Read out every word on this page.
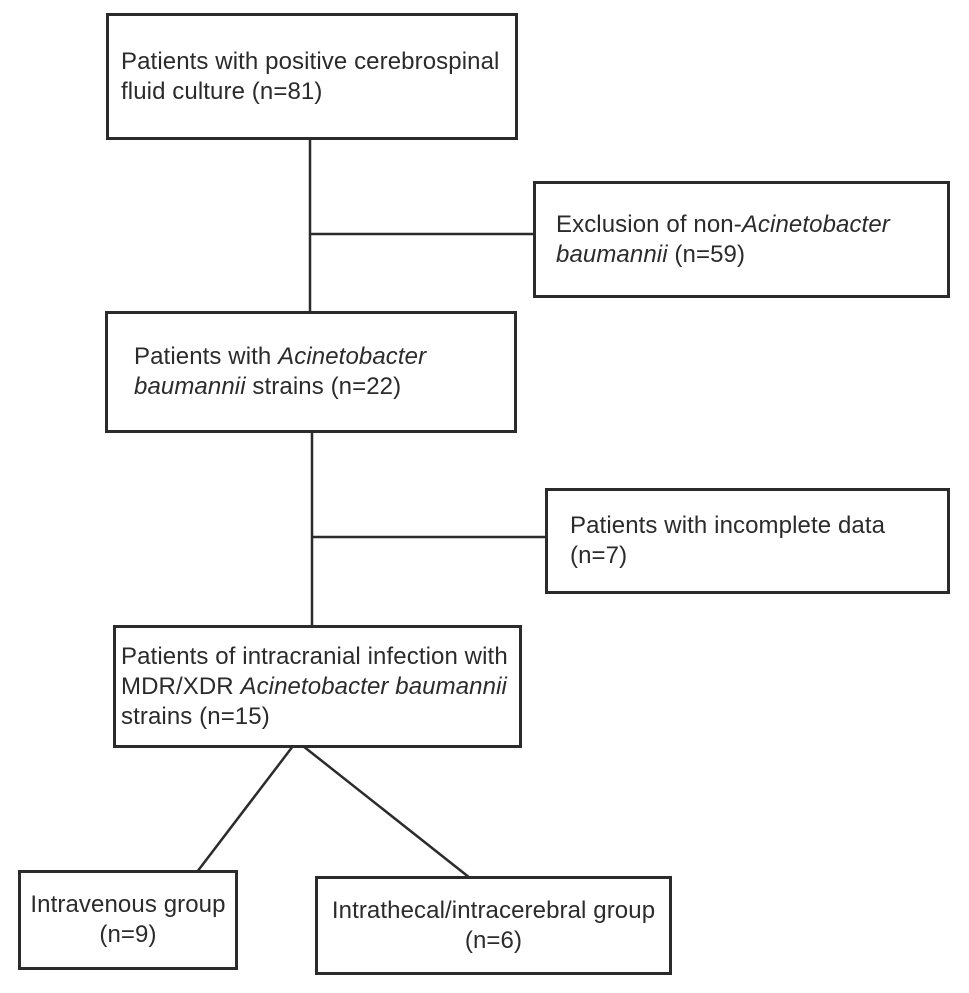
Patients with positive cerebrospinal
fluid culture (n=81)
Exclusion of non-Acinetobacter
baumannii (n=59)
Patients with Acinetobacter
baumannii strains (n=22)
Patients with incomplete data
(n=7)
Patients of intracranial infection with
MDR/XDR Acinetobacter baumannii
strains (n=15)
Intravenous group
(n=9)
Intrathecal/intracerebral group
(n=6)
